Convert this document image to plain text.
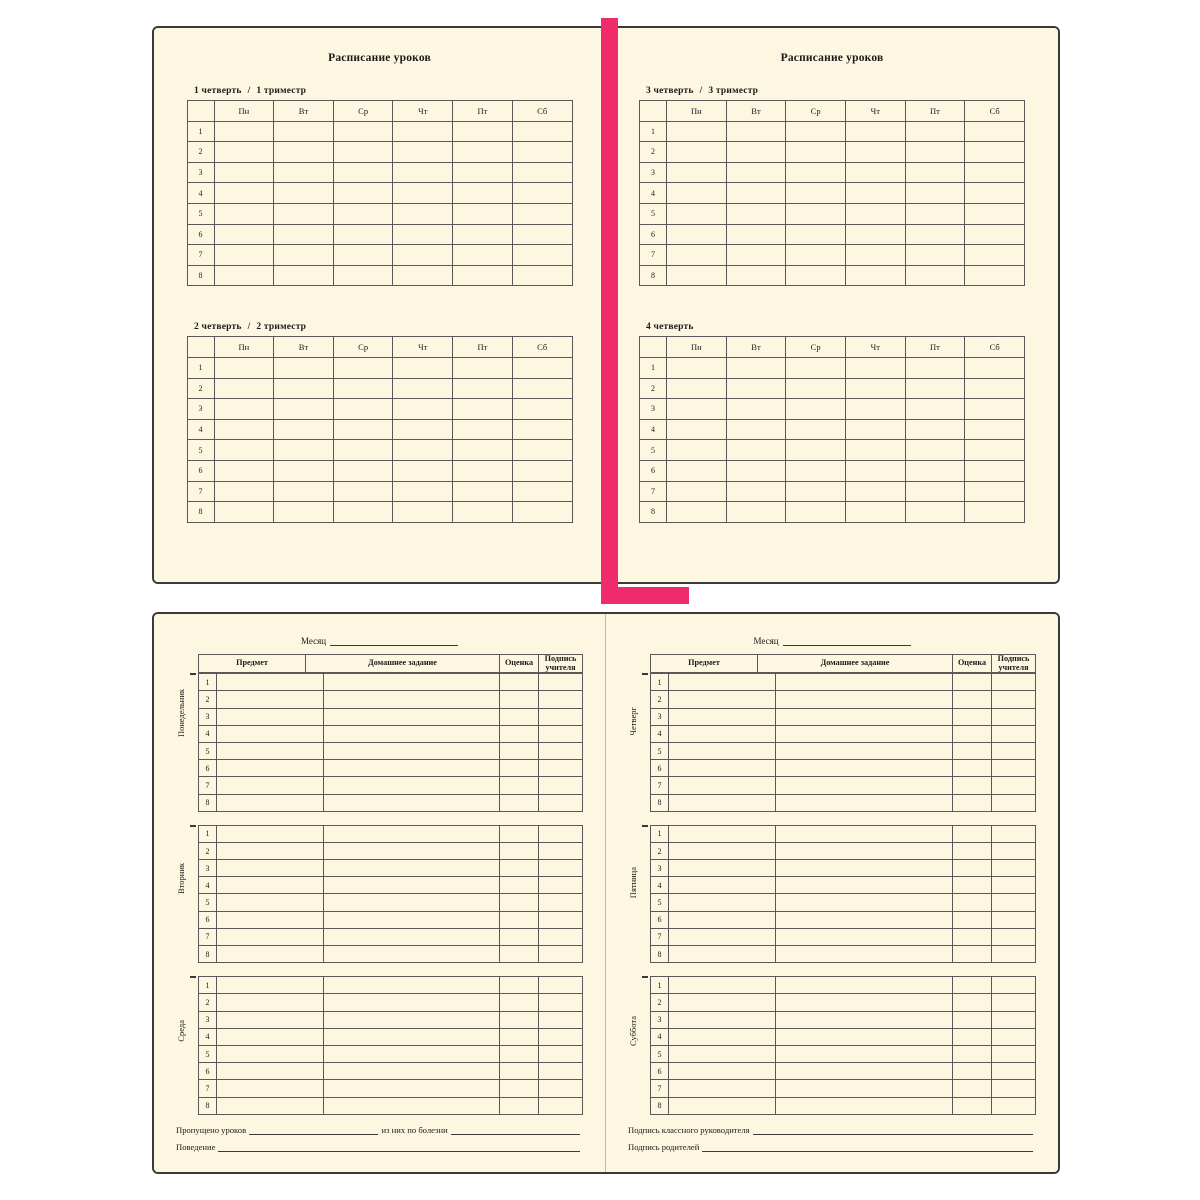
Расписание уроков
1 четверть / 1 триместр
	Пн	Вт	Ср	Чт	Пт	Сб
1						
2						
3						
4						
5						
6						
7						
8						
2 четверть / 2 триместр
	Пн	Вт	Ср	Чт	Пт	Сб
1						
2						
3						
4						
5						
6						
7						
8						
Расписание уроков
3 четверть / 3 триместр
	Пн	Вт	Ср	Чт	Пт	Сб
1						
2						
3						
4						
5						
6						
7						
8						
4 четверть
	Пн	Вт	Ср	Чт	Пт	Сб
1						
2						
3						
4						
5						
6						
7						
8						
Месяц
Предмет	Домашнее задание	Оценка	Подпись
учителя
Понедельник
1				
2				
3				
4				
5				
6				
7				
8				
Вторник
1				
2				
3				
4				
5				
6				
7				
8				
Среда
1				
2				
3				
4				
5				
6				
7				
8				
Пропущено уроков	из них по болезни
Поведение
Месяц
Предмет	Домашнее задание	Оценка	Подпись
учителя
Четверг
1				
2				
3				
4				
5				
6				
7				
8				
Пятница
1				
2				
3				
4				
5				
6				
7				
8				
Суббота
1				
2				
3				
4				
5				
6				
7				
8				
Подпись классного руководителя
Подпись родителей
